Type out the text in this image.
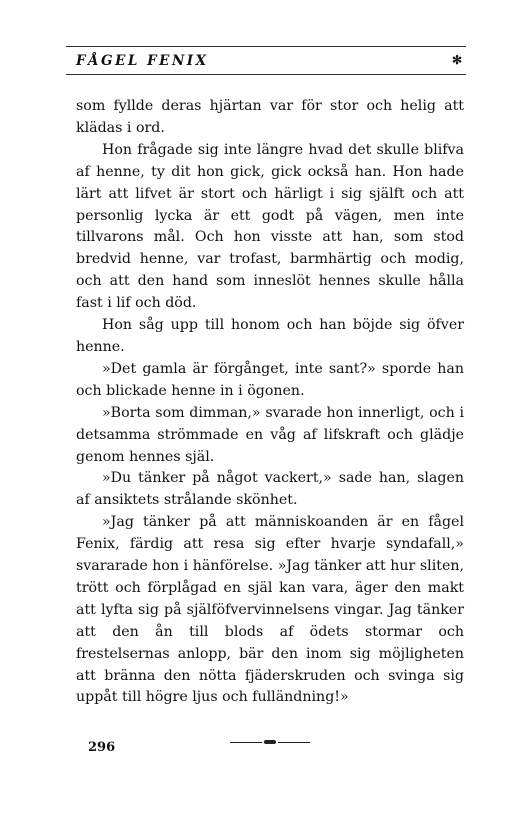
FÅGEL FENIX	✻

som fyllde deras hjärtan var för stor och helig att klädas i ord.

Hon frågade sig inte längre hvad det skulle blifva af henne, ty dit hon gick, gick också han. Hon hade lärt att lifvet är stort och härligt i sig själft och att personlig lycka är ett godt på vägen, men inte tillvarons mål. Och hon visste att han, som stod bredvid henne, var trofast, barmhärtig och modig, och att den hand som inneslöt hennes skulle hålla fast i lif och död.

Hon såg upp till honom och han böjde sig öfver henne.

»Det gamla är förgånget, inte sant?» sporde han och blickade henne in i ögonen.

»Borta som dimman,» svarade hon innerligt, och i detsamma strömmade en våg af lifskraft och glädje genom hennes själ.

»Du tänker på något vackert,» sade han, slagen af ansiktets strålande skönhet.

»Jag tänker på att människoanden är en fågel Fenix, färdig att resa sig efter hvarje syndafall,» svararade hon i hänförelse. »Jag tänker att hur sliten, trött och förplågad en själ kan vara, äger den makt att lyfta sig på själföfvervinnelsens vingar. Jag tänker att den ån till blods af ödets stormar och frestelsernas anlopp, bär den inom sig möjligheten att bränna den nötta fjäderskruden och svinga sig uppåt till högre ljus och fulländning!»

296
